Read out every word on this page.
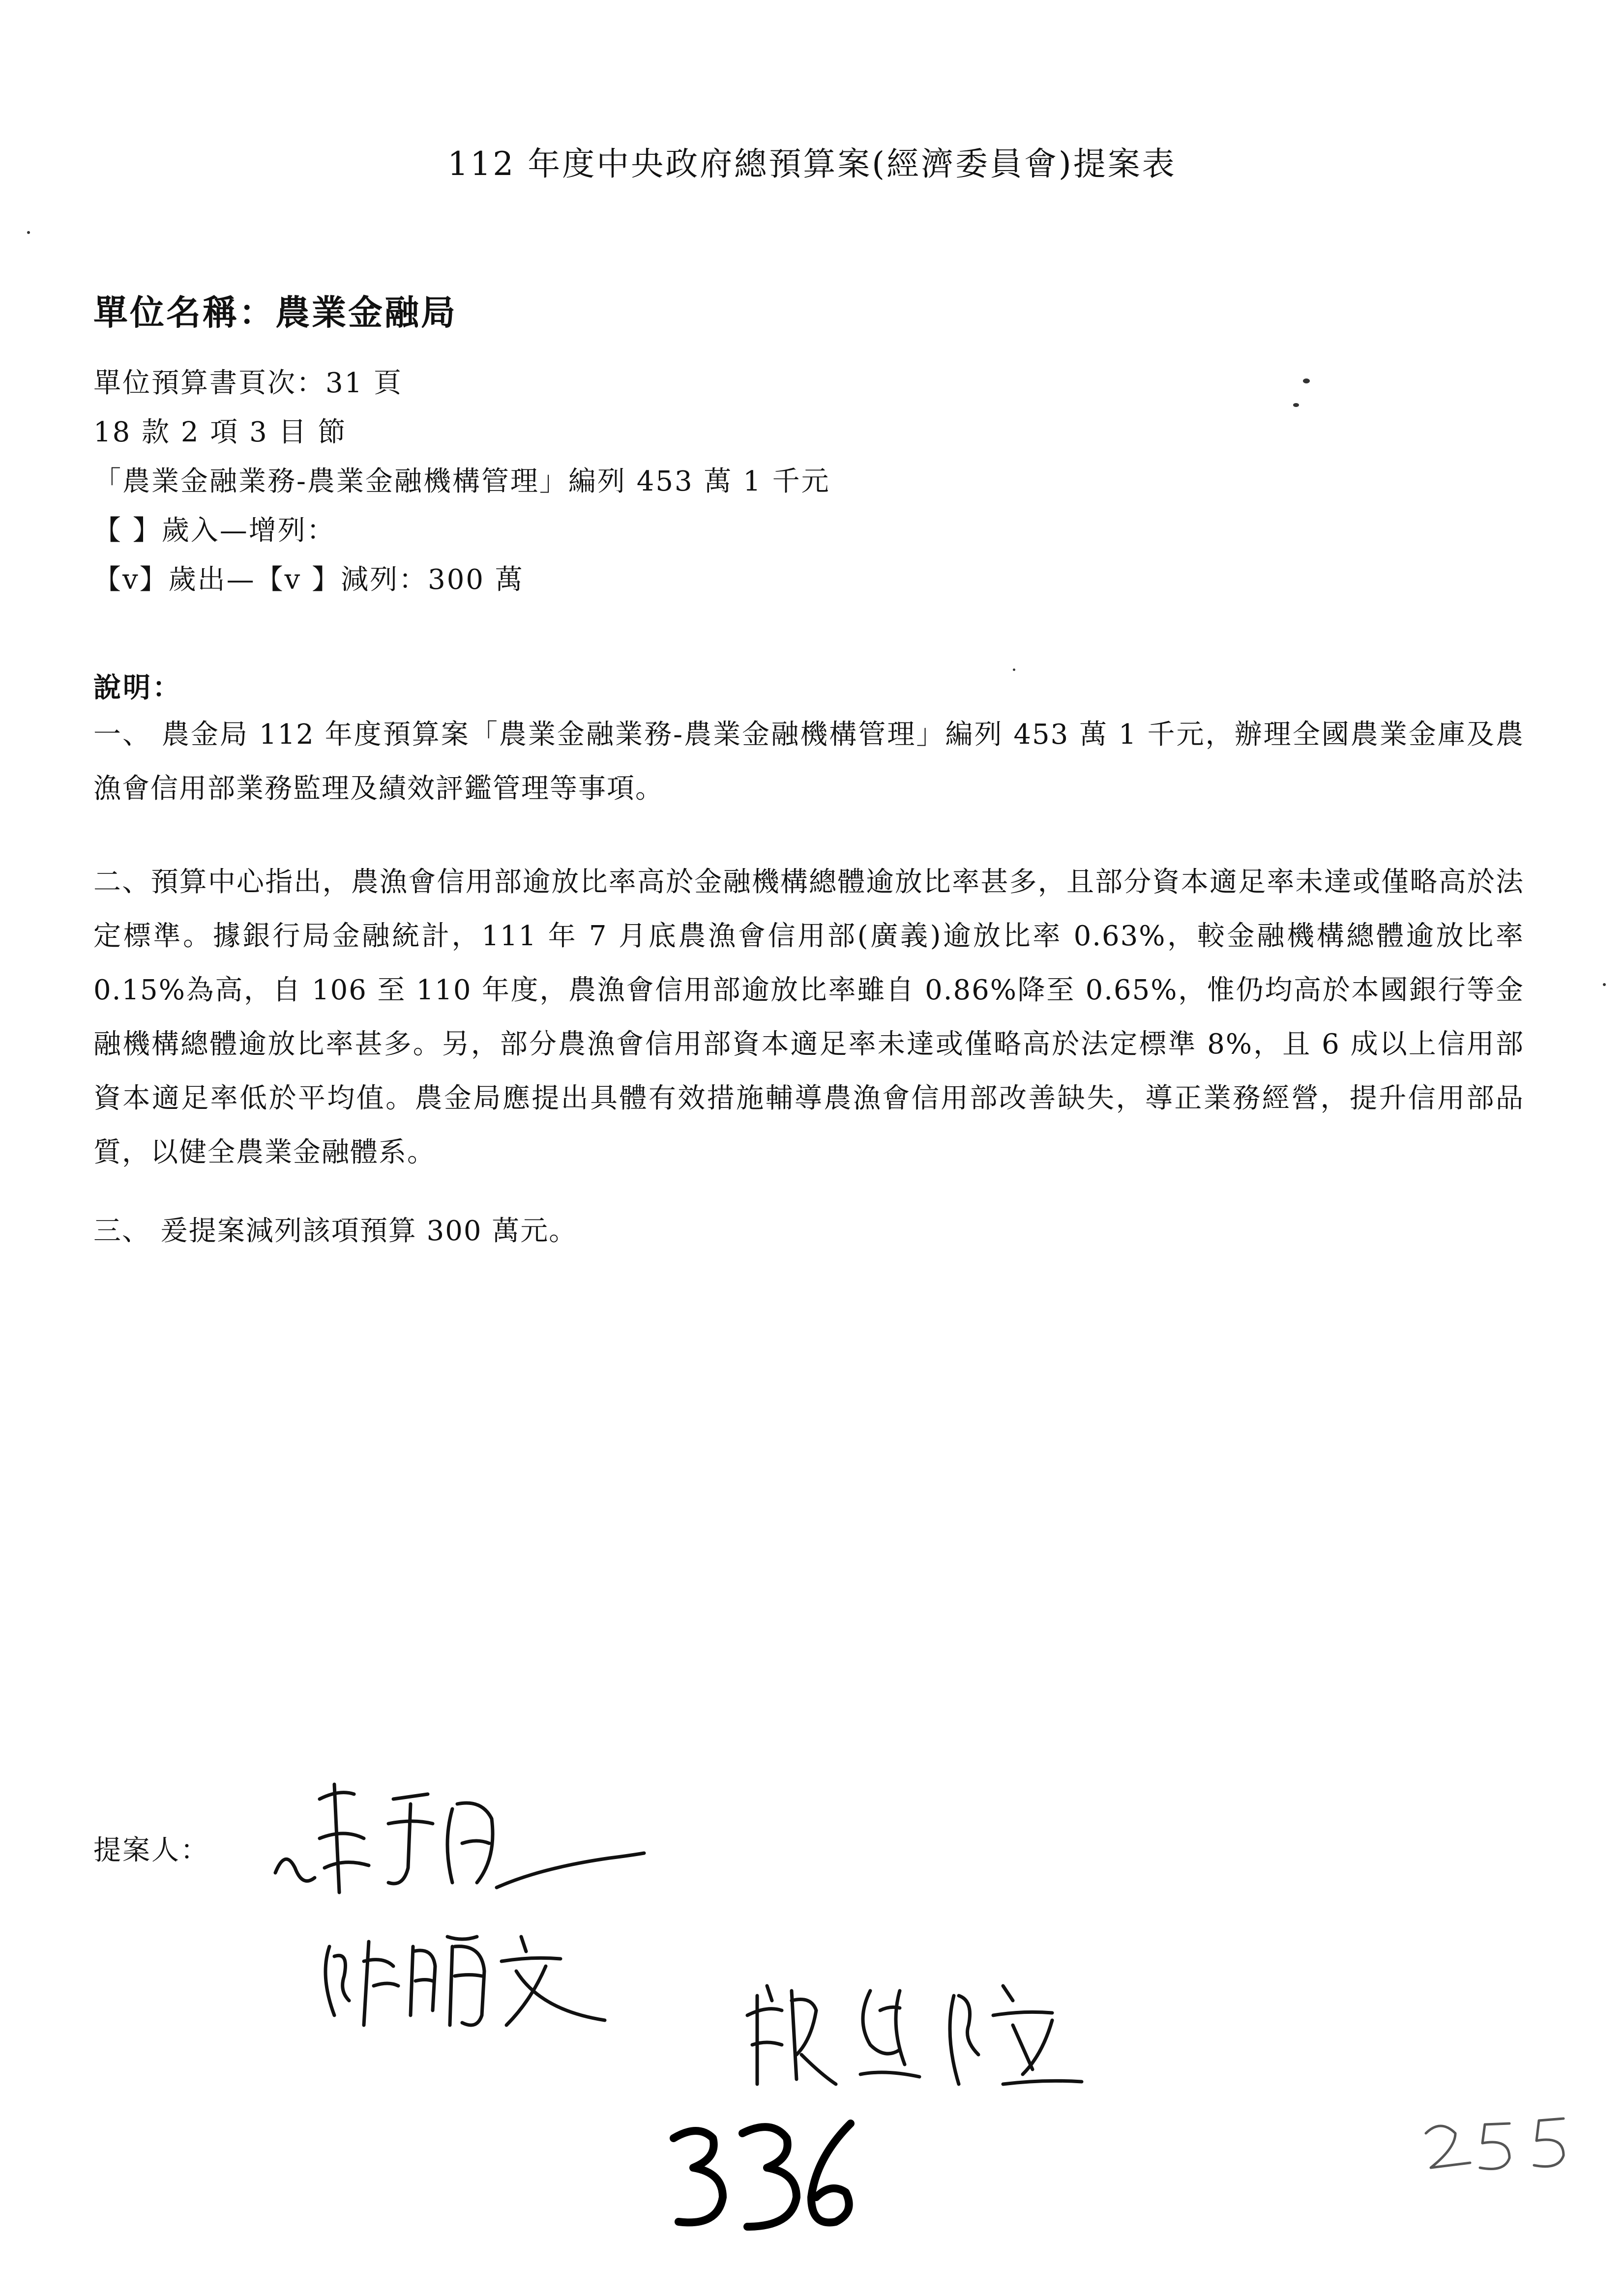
112 年度中央政府總預算案(經濟委員會)提案表
單位名稱：農業金融局
單位預算書頁次：31 頁
18 款 2 項 3 目 節
「農業金融業務-農業金融機構管理」編列 453 萬 1 千元
【 】歲入—增列：
【v】歲出—【v 】減列：300 萬
說明：
一、 農金局 112 年度預算案「農業金融業務-農業金融機構管理」編列 453 萬 1 千元，辦理全國農業金庫及農漁會信用部業務監理及績效評鑑管理等事項。
二、預算中心指出，農漁會信用部逾放比率高於金融機構總體逾放比率甚多，且部分資本適足率未達或僅略高於法定標準。據銀行局金融統計，111 年 7 月底農漁會信用部(廣義)逾放比率 0.63%，較金融機構總體逾放比率 0.15%為高，自 106 至 110 年度，農漁會信用部逾放比率雖自 0.86%降至 0.65%，惟仍均高於本國銀行等金融機構總體逾放比率甚多。另，部分農漁會信用部資本適足率未達或僅略高於法定標準 8%，且 6 成以上信用部資本適足率低於平均值。農金局應提出具體有效措施輔導農漁會信用部改善缺失，導正業務經營，提升信用部品質，以健全農業金融體系。
三、 爰提案減列該項預算 300 萬元。
提案人：
